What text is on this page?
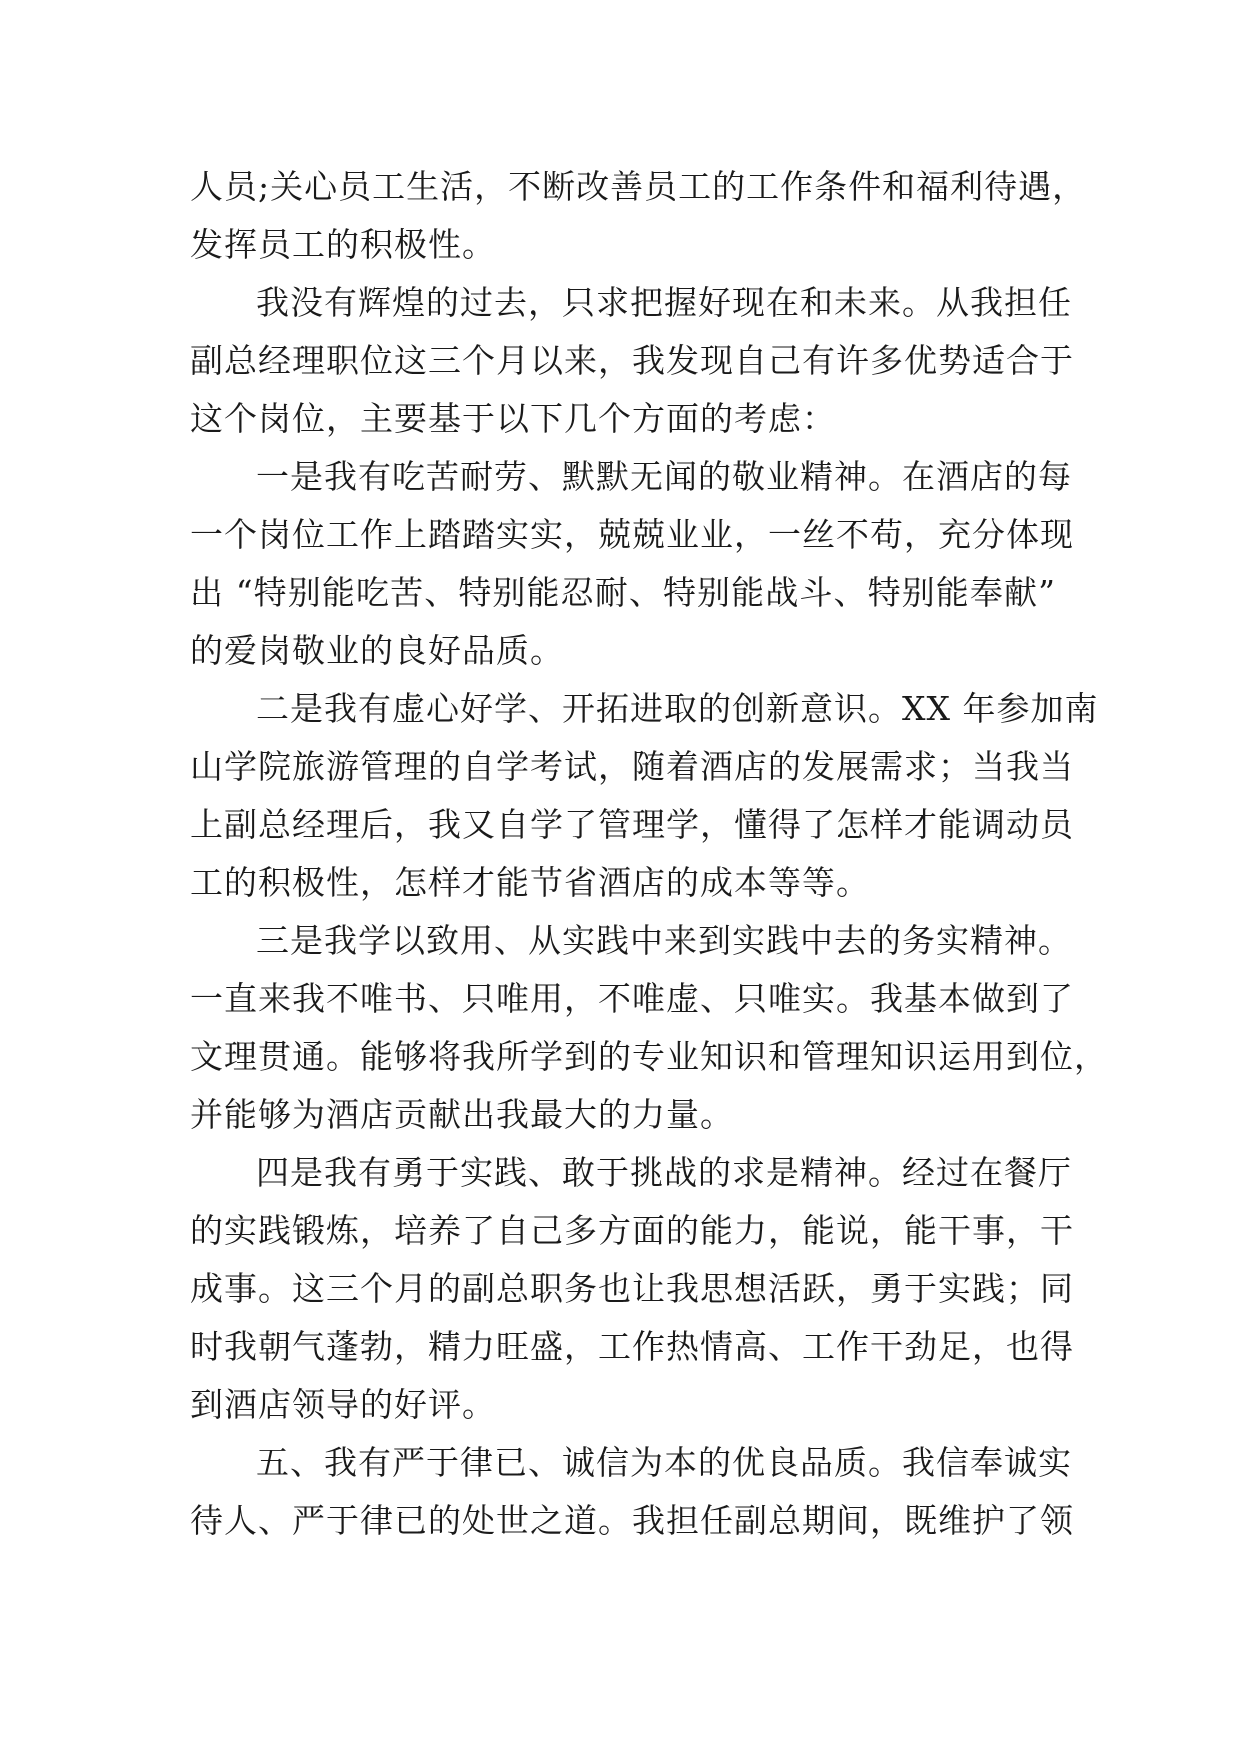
人员;关心员工生活，不断改善员工的工作条件和福利待遇，
发挥员工的积极性。

我没有辉煌的过去，只求把握好现在和未来。从我担任
副总经理职位这三个月以来，我发现自己有许多优势适合于
这个岗位，主要基于以下几个方面的考虑：

一是我有吃苦耐劳、默默无闻的敬业精神。在酒店的每
一个岗位工作上踏踏实实，兢兢业业，一丝不苟，充分体现
出 “特别能吃苦、特别能忍耐、特别能战斗、特别能奉献”
的爱岗敬业的良好品质。

二是我有虚心好学、开拓进取的创新意识。XX 年参加南
山学院旅游管理的自学考试，随着酒店的发展需求；当我当
上副总经理后，我又自学了管理学，懂得了怎样才能调动员
工的积极性，怎样才能节省酒店的成本等等。

三是我学以致用、从实践中来到实践中去的务实精神。
一直来我不唯书、只唯用，不唯虚、只唯实。我基本做到了
文理贯通。能够将我所学到的专业知识和管理知识运用到位，
并能够为酒店贡献出我最大的力量。

四是我有勇于实践、敢于挑战的求是精神。经过在餐厅
的实践锻炼，培养了自己多方面的能力，能说，能干事，干
成事。这三个月的副总职务也让我思想活跃，勇于实践；同
时我朝气蓬勃，精力旺盛，工作热情高、工作干劲足，也得
到酒店领导的好评。

五、我有严于律已、诚信为本的优良品质。我信奉诚实
待人、严于律已的处世之道。我担任副总期间，既维护了领
